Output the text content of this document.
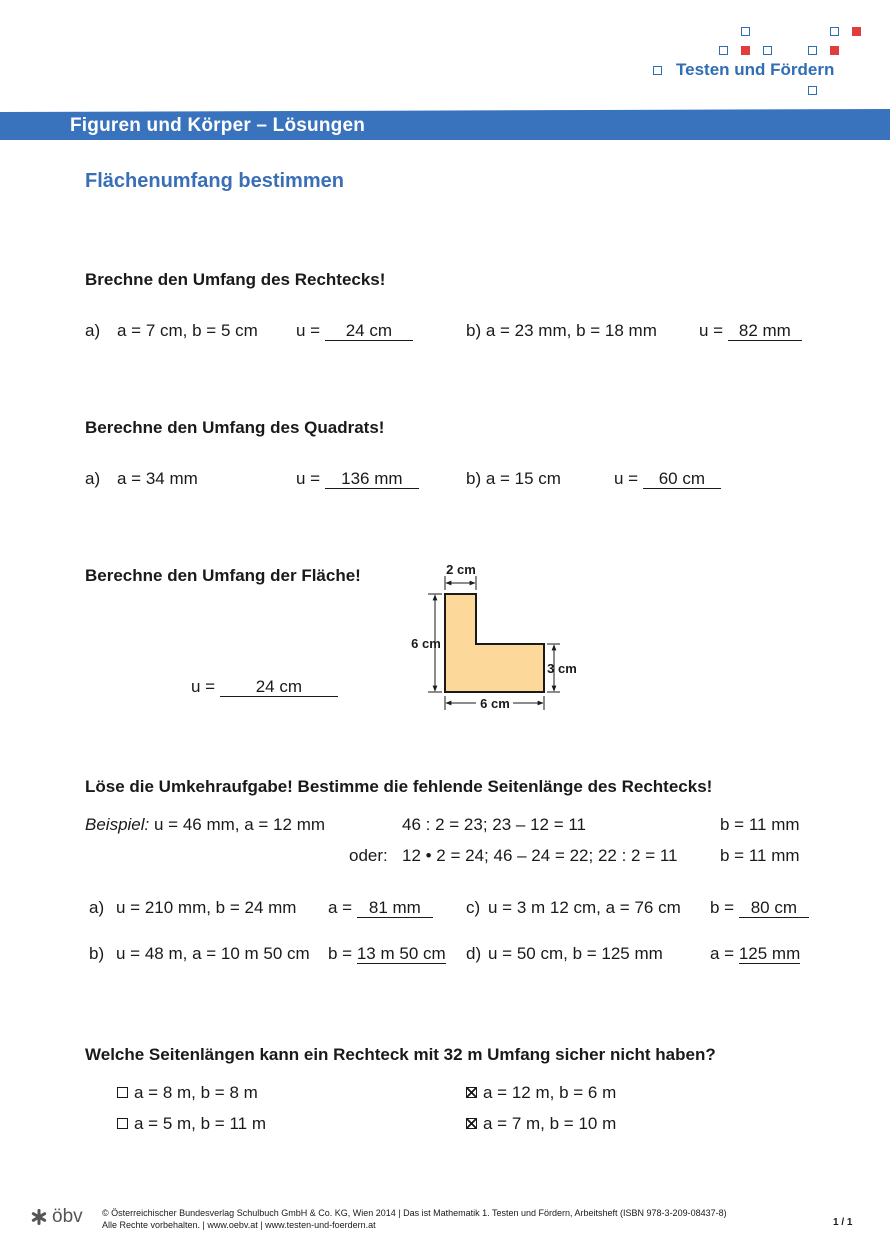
Testen und Fördern
Figuren und Körper – Lösungen
Flächenumfang bestimmen
Brechne den Umfang des Rechtecks!
a) a = 7 cm, b = 5 cm u = 24 cm	b) a = 23 mm, b = 18 mm u = 82 mm
Berechne den Umfang des Quadrats!
a) a = 34 mm	u = 136 mm	b) a = 15 cm	u = 60 cm
Berechne den Umfang der Fläche!
u = 24 cm
2 cm
6 cm
3 cm
6 cm
Löse die Umkehraufgabe! Bestimme die fehlende Seitenlänge des Rechtecks!
Beispiel: u = 46 mm, a = 12 mm	46 : 2 = 23; 23 – 12 = 11	b = 11 mm
oder: 12 • 2 = 24; 46 – 24 = 22; 22 : 2 = 11	b = 11 mm
a) u = 210 mm, b = 24 mm a = 81 mm	c) u = 3 m 12 cm, a = 76 cm b = 80 cm
b) u = 48 m, a = 10 m 50 cm b = 13 m 50 cm d) u = 50 cm, b = 125 mm	a = 125 mm
Welche Seitenlängen kann ein Rechteck mit 32 m Umfang sicher nicht haben?
a = 8 m, b = 8 m	a = 12 m, b = 6 m
a = 5 m, b = 11 m	a = 7 m, b = 10 m
öbv © Österreichischer Bundesverlag Schulbuch GmbH & Co. KG, Wien 2014 | Das ist Mathematik 1. Testen und Fördern, Arbeitsheft (ISBN 978-3-209-08437-8)
Alle Rechte vorbehalten. | www.oebv.at | www.testen-und-foerdern.at	1 / 1
